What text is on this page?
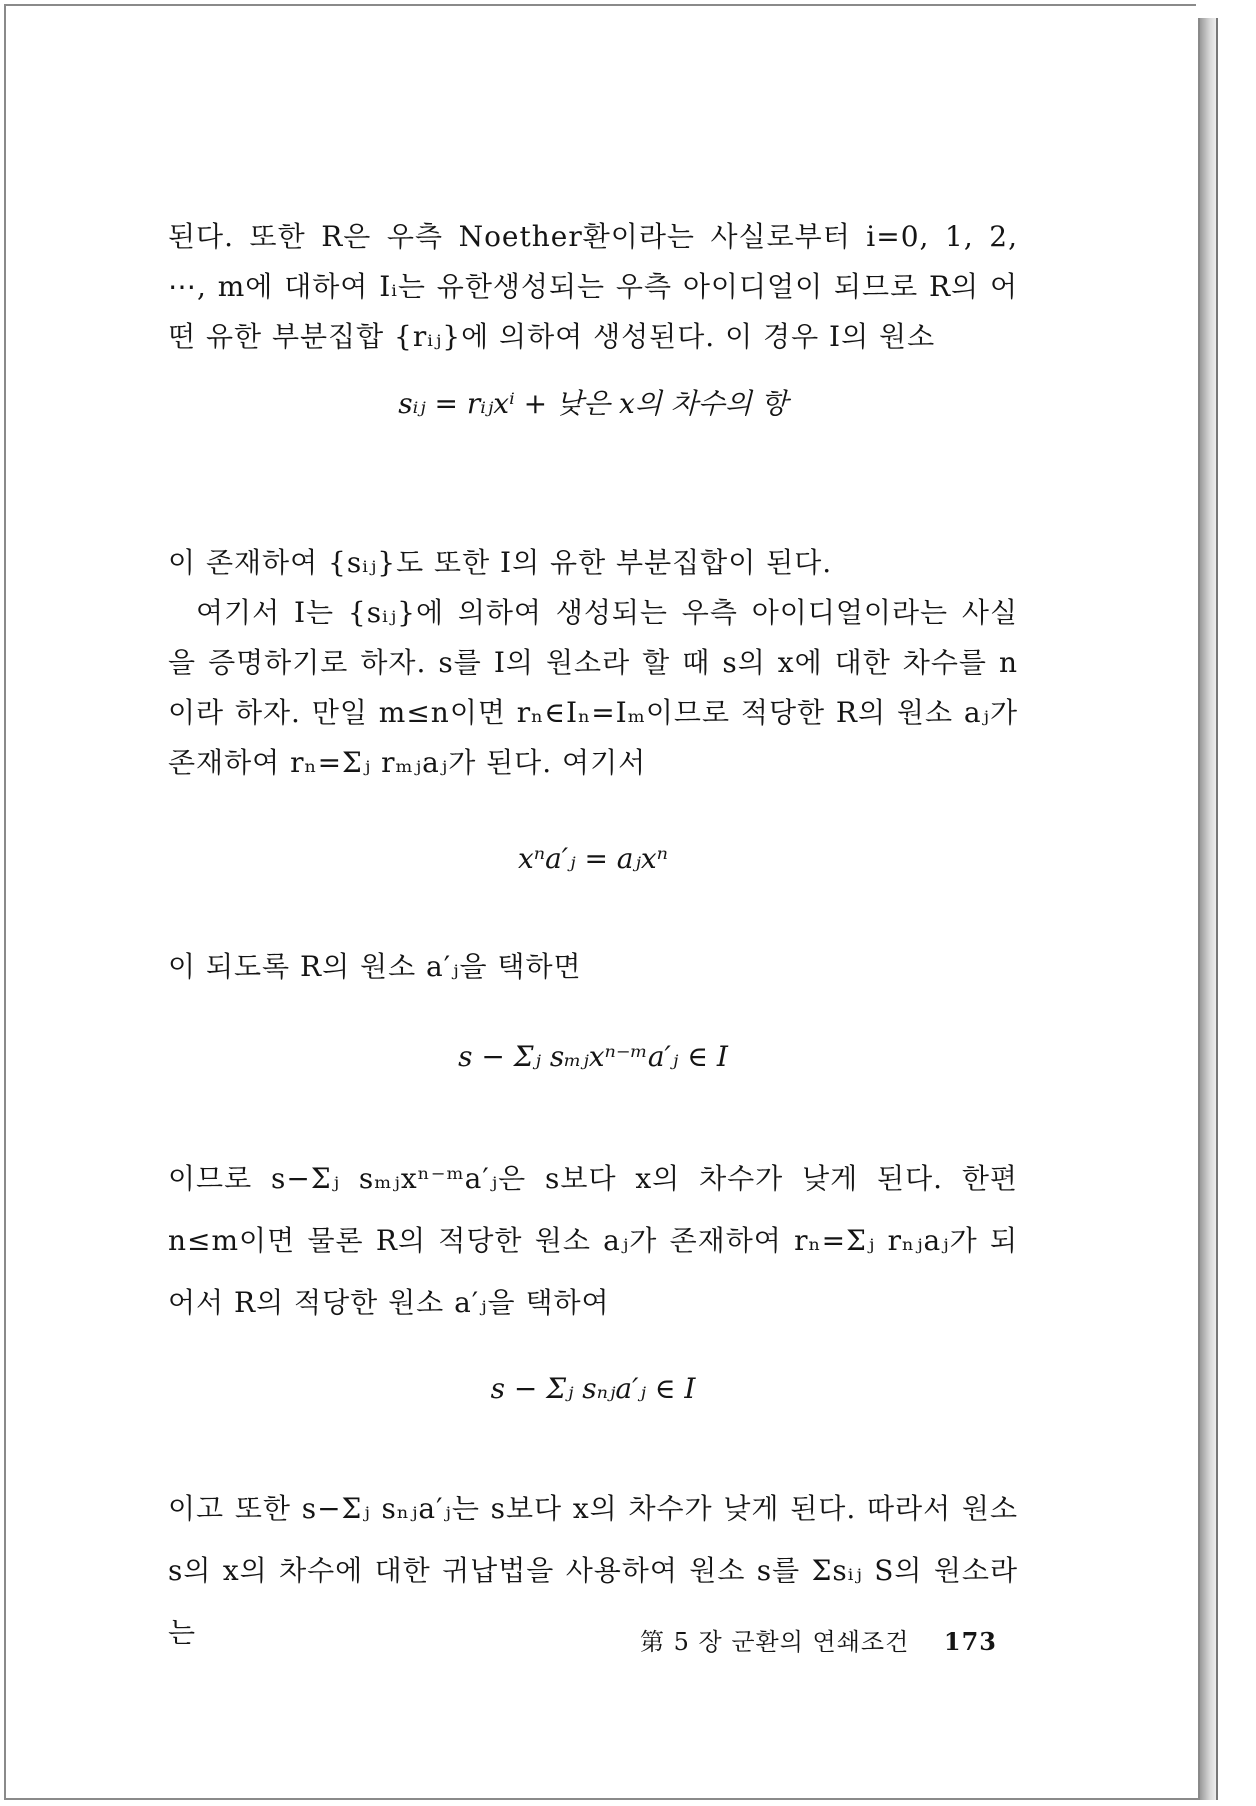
된다. 또한 R은 우측 Noether환이라는 사실로부터 i=0, 1, 2, ⋯, m에 대하여 Iᵢ는 유한생성되는 우측 아이디얼이 되므로 R의 어떤 유한 부분집합 {rᵢⱼ}에 의하여 생성된다. 이 경우 I의 원소

sᵢⱼ = rᵢⱼxⁱ + 낮은 x의 차수의 항

이 존재하여 {sᵢⱼ}도 또한 I의 유한 부분집합이 된다.

여기서 I는 {sᵢⱼ}에 의하여 생성되는 우측 아이디얼이라는 사실을 증명하기로 하자. s를 I의 원소라 할 때 s의 x에 대한 차수를 n이라 하자. 만일 m≤n이면 rₙ∈Iₙ=Iₘ이므로 적당한 R의 원소 aⱼ가 존재하여 rₙ=Σⱼ rₘⱼaⱼ가 된다. 여기서

xⁿa′ⱼ = aⱼxⁿ

이 되도록 R의 원소 a′ⱼ을 택하면

s − Σⱼ sₘⱼxⁿ⁻ᵐa′ⱼ ∈ I

이므로 s−Σⱼ sₘⱼxⁿ⁻ᵐa′ⱼ은 s보다 x의 차수가 낮게 된다. 한편 n≤m이면 물론 R의 적당한 원소 aⱼ가 존재하여 rₙ=Σⱼ rₙⱼaⱼ가 되어서 R의 적당한 원소 a′ⱼ을 택하여

s − Σⱼ sₙⱼa′ⱼ ∈ I

이고 또한 s−Σⱼ sₙⱼa′ⱼ는 s보다 x의 차수가 낮게 된다. 따라서 원소 s의 x의 차수에 대한 귀납법을 사용하여 원소 s를 Σsᵢⱼ S의 원소라는	第 5 장 군환의 연쇄조건 173
